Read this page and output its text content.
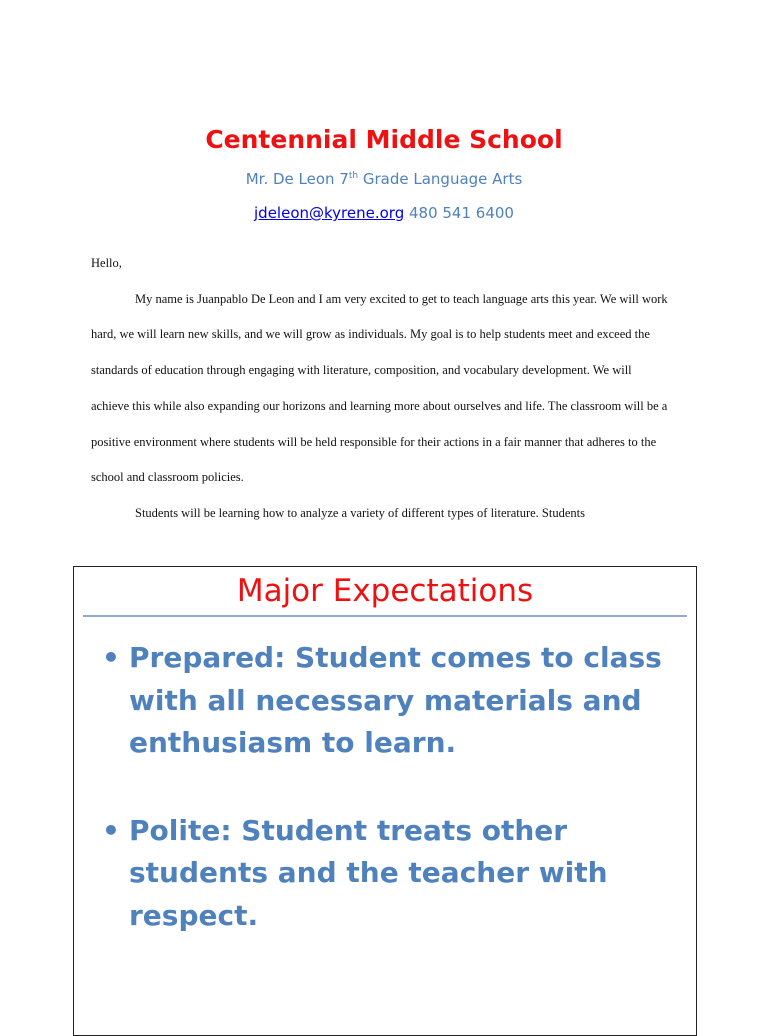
Centennial Middle School
Mr. De Leon 7th Grade Language Arts
jdeleon@kyrene.org 480 541 6400

Hello,

My name is Juanpablo De Leon and I am very excited to get to teach language arts this year. We will work hard, we will learn new skills, and we will grow as individuals. My goal is to help students meet and exceed the standards of education through engaging with literature, composition, and vocabulary development. We will achieve this while also expanding our horizons and learning more about ourselves and life. The classroom will be a positive environment where students will be held responsible for their actions in a fair manner that adheres to the school and classroom policies.

Students will be learning how to analyze a variety of different types of literature. Students

Major Expectations
• Prepared: Student comes to class with all necessary materials and enthusiasm to learn.
• Polite: Student treats other students and the teacher with respect.
